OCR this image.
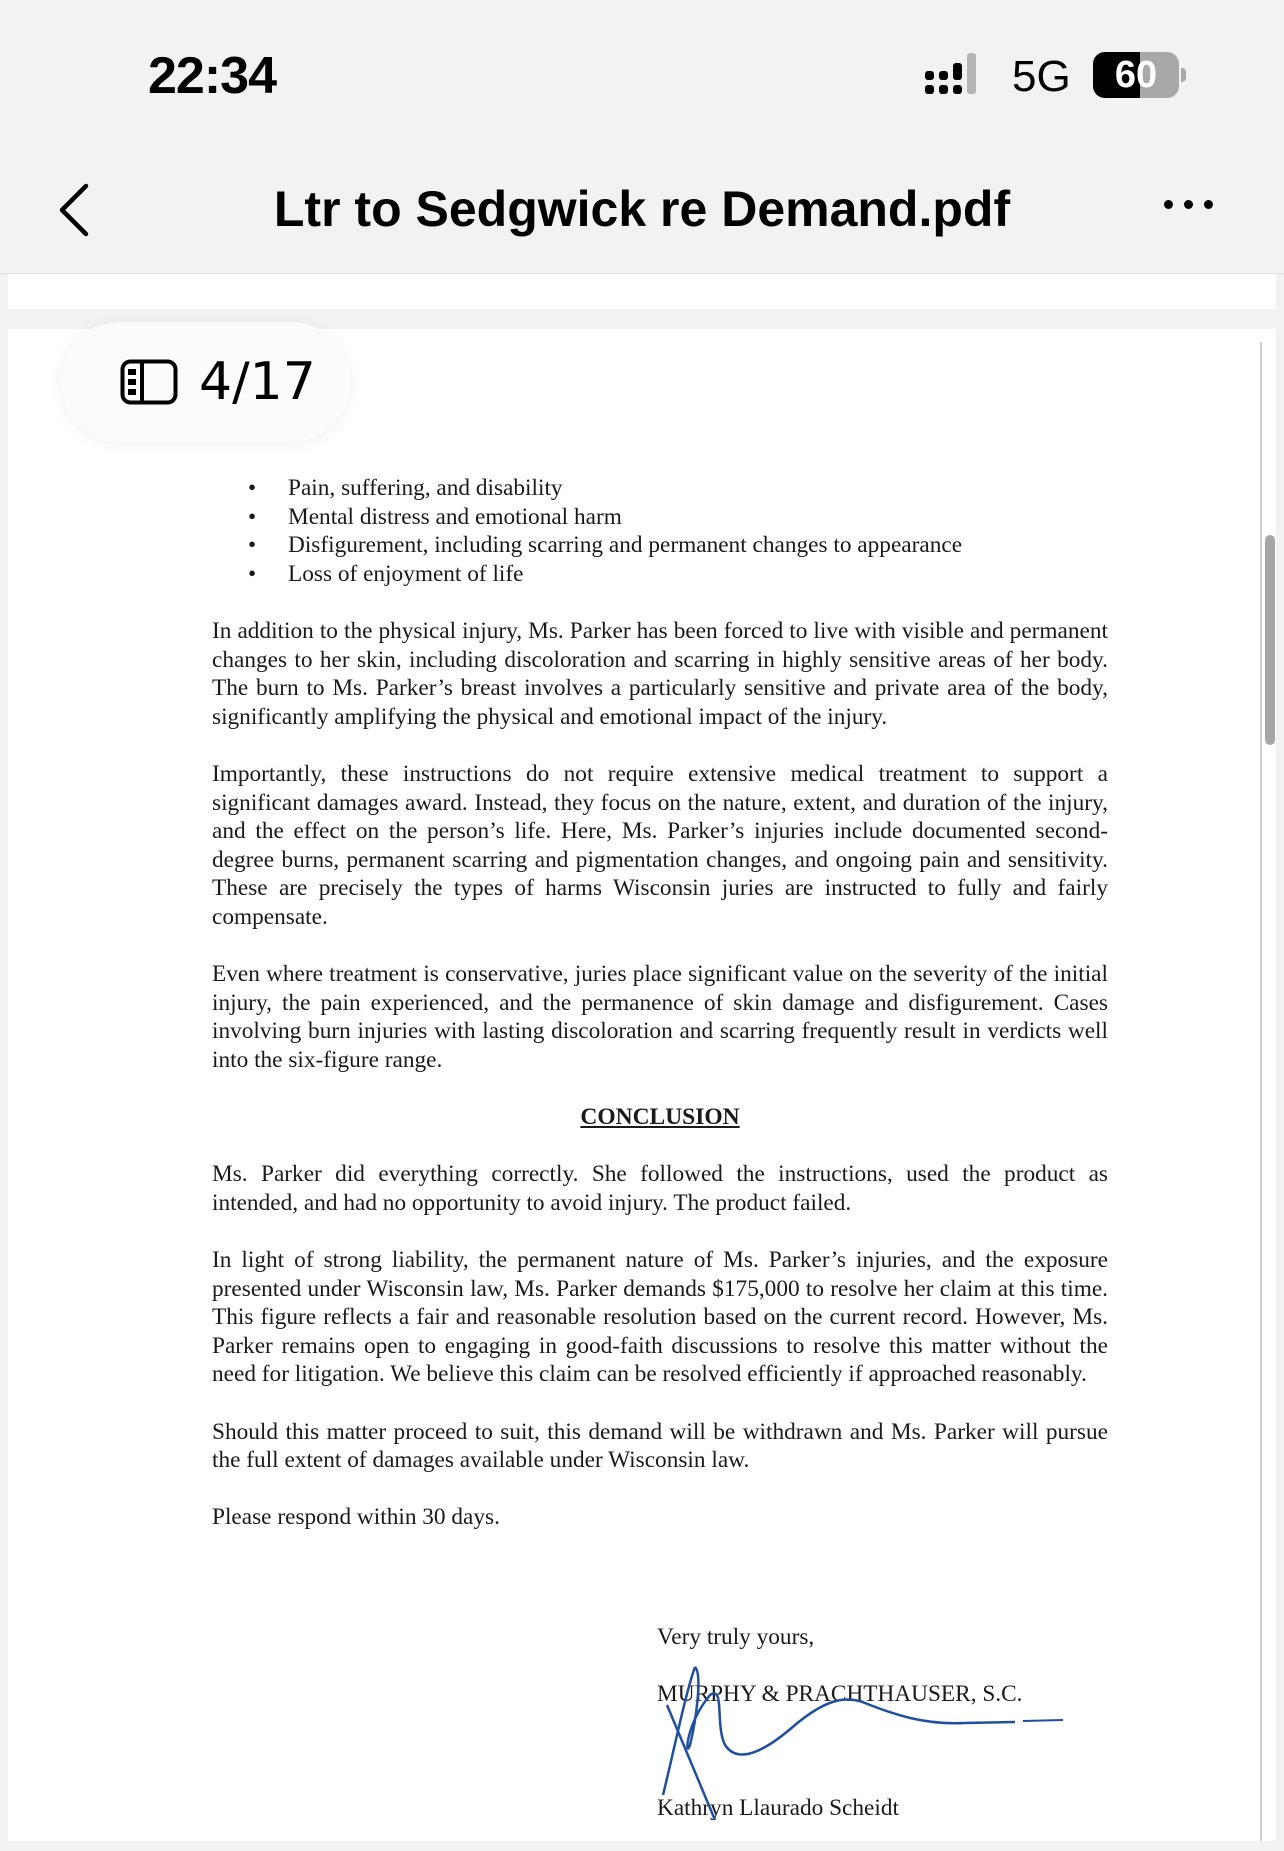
22:34	5G	60
Ltr to Sedgwick re Demand.pdf
4/17
• Pain, suffering, and disability
• Mental distress and emotional harm
• Disfigurement, including scarring and permanent changes to appearance
• Loss of enjoyment of life

In addition to the physical injury, Ms. Parker has been forced to live with visible and permanent changes to her skin, including discoloration and scarring in highly sensitive areas of her body. The burn to Ms. Parker’s breast involves a particularly sensitive and private area of the body, significantly amplifying the physical and emotional impact of the injury.

Importantly, these instructions do not require extensive medical treatment to support a significant damages award. Instead, they focus on the nature, extent, and duration of the injury, and the effect on the person’s life. Here, Ms. Parker’s injuries include documented second-degree burns, permanent scarring and pigmentation changes, and ongoing pain and sensitivity. These are precisely the types of harms Wisconsin juries are instructed to fully and fairly compensate.

Even where treatment is conservative, juries place significant value on the severity of the initial injury, the pain experienced, and the permanence of skin damage and disfigurement. Cases involving burn injuries with lasting discoloration and scarring frequently result in verdicts well into the six-figure range.

CONCLUSION

Ms. Parker did everything correctly. She followed the instructions, used the product as intended, and had no opportunity to avoid injury. The product failed.

In light of strong liability, the permanent nature of Ms. Parker’s injuries, and the exposure presented under Wisconsin law, Ms. Parker demands $175,000 to resolve her claim at this time. This figure reflects a fair and reasonable resolution based on the current record. However, Ms. Parker remains open to engaging in good-faith discussions to resolve this matter without the need for litigation. We believe this claim can be resolved efficiently if approached reasonably.

Should this matter proceed to suit, this demand will be withdrawn and Ms. Parker will pursue the full extent of damages available under Wisconsin law.

Please respond within 30 days.

Very truly yours,
MURPHY & PRACHTHAUSER, S.C.
Kathryn Llaurado Scheidt
